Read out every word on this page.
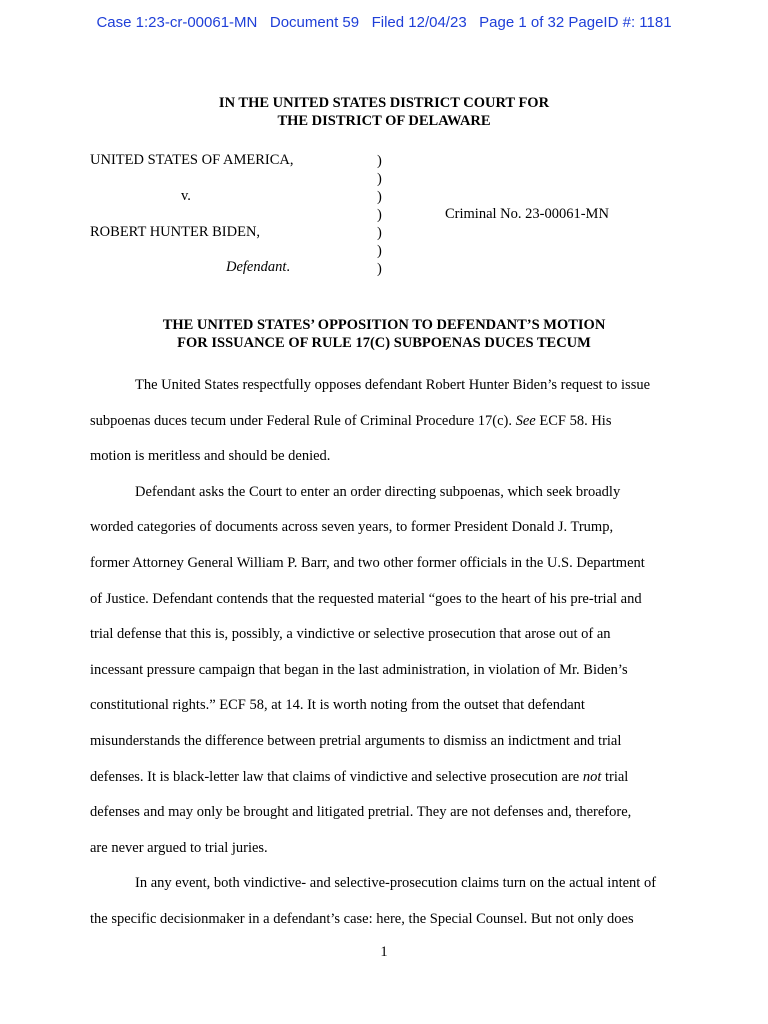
Case 1:23-cr-00061-MN   Document 59   Filed 12/04/23   Page 1 of 32 PageID #: 1181
IN THE UNITED STATES DISTRICT COURT FOR
THE DISTRICT OF DELAWARE
UNITED STATES OF AMERICA,
v.
ROBERT HUNTER BIDEN,
Defendant.
)
)
)
)
)
)
)
Criminal No. 23-00061-MN
THE UNITED STATES’ OPPOSITION TO DEFENDANT’S MOTION
FOR ISSUANCE OF RULE 17(C) SUBPOENAS DUCES TECUM
The United States respectfully opposes defendant Robert Hunter Biden’s request to issue
subpoenas duces tecum under Federal Rule of Criminal Procedure 17(c). See ECF 58. His
motion is meritless and should be denied.
Defendant asks the Court to enter an order directing subpoenas, which seek broadly
worded categories of documents across seven years, to former President Donald J. Trump,
former Attorney General William P. Barr, and two other former officials in the U.S. Department
of Justice. Defendant contends that the requested material “goes to the heart of his pre-trial and
trial defense that this is, possibly, a vindictive or selective prosecution that arose out of an
incessant pressure campaign that began in the last administration, in violation of Mr. Biden’s
constitutional rights.” ECF 58, at 14. It is worth noting from the outset that defendant
misunderstands the difference between pretrial arguments to dismiss an indictment and trial
defenses. It is black-letter law that claims of vindictive and selective prosecution are not trial
defenses and may only be brought and litigated pretrial. They are not defenses and, therefore,
are never argued to trial juries.
In any event, both vindictive- and selective-prosecution claims turn on the actual intent of
the specific decisionmaker in a defendant’s case: here, the Special Counsel. But not only does
1
